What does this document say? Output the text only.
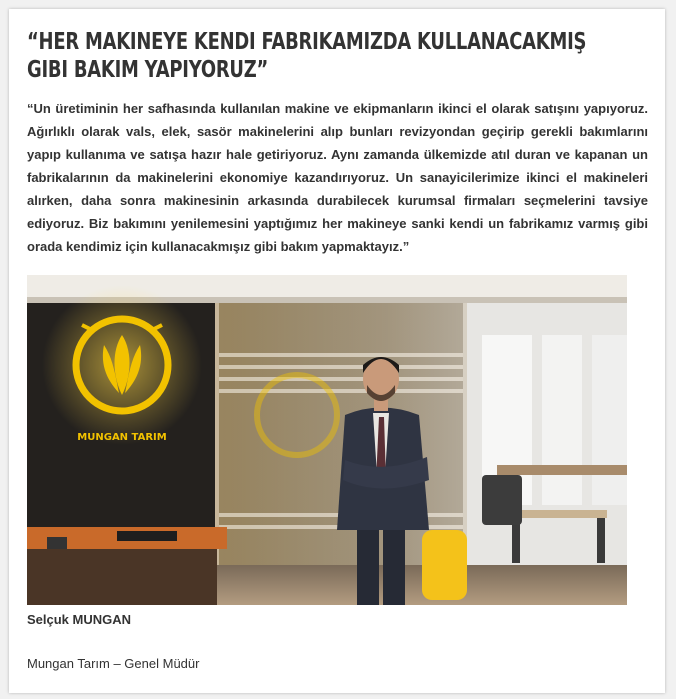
“HER MAKINEYE KENDI FABRIKAMIZDA KULLANACAKMIŞ GIBI BAKIM YAPIYORUZ”

“Un üretiminin her safhasında kullanılan makine ve ekipmanların ikinci el olarak satışını yapıyoruz. Ağırlıklı olarak vals, elek, sasör makinelerini alıp bunları revizyondan geçirip gerekli bakımlarını yapıp kullanıma ve satışa hazır hale getiriyoruz. Aynı zamanda ülkemizde atıl duran ve kapanan un fabrikalarının da makinelerini ekonomiye kazandırıyoruz. Un sanayicilerimize ikinci el makineleri alırken, daha sonra makinesinin arkasında durabilecek kurumsal firmaları seçmelerini tavsiye ediyoruz. Biz bakımını yenilemesini yaptığımız her makineye sanki kendi un fabrikamız varmış gibi orada kendimiz için kullanacakmışız gibi bakım yapmaktayız.”

MUNGAN TARIM

Selçuk MUNGAN

Mungan Tarım – Genel Müdür
